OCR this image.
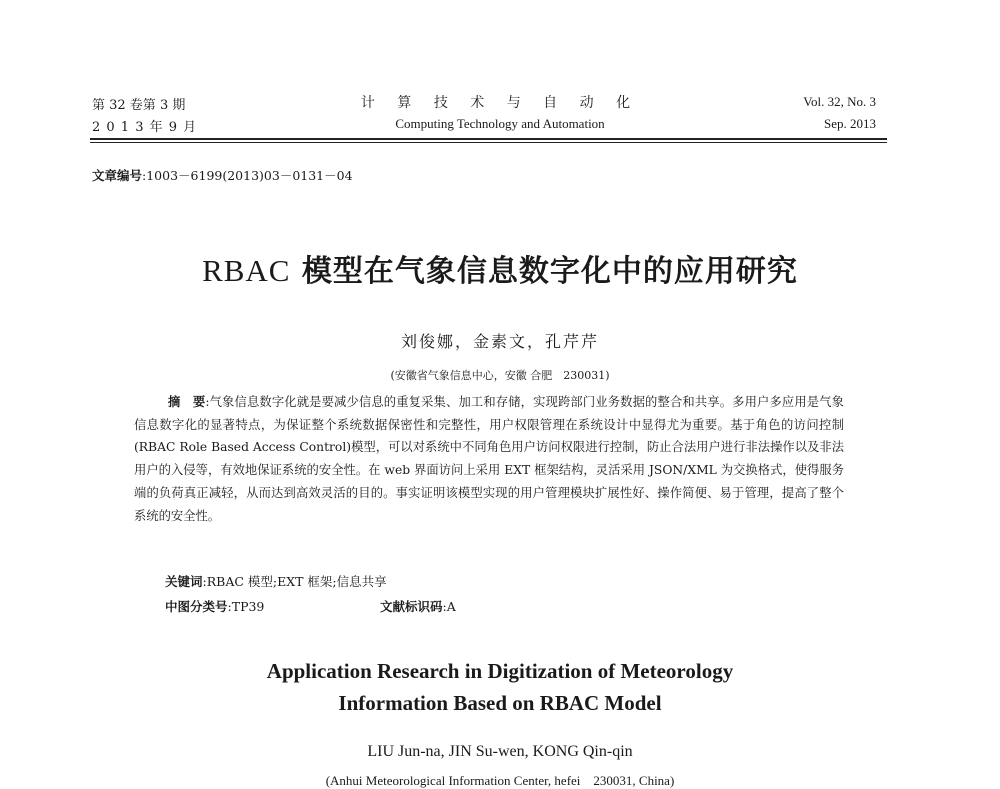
第 32 卷第 3 期
2 0 1 3 年 9 月
计 算 技 术 与 自 动 化
Computing Technology and Automation
Vol. 32, No. 3
Sep. 2013
文章编号:1003－6199(2013)03－0131－04
RBAC 模型在气象信息数字化中的应用研究
刘俊娜，金素文，孔芹芹
(安徽省气象信息中心，安徽 合肥　230031)
摘　要:气象信息数字化就是要减少信息的重复采集、加工和存储，实现跨部门业务数据的整合和共享。多用户多应用是气象信息数字化的显著特点，为保证整个系统数据保密性和完整性，用户权限管理在系统设计中显得尤为重要。基于角色的访问控制(RBAC Role Based Access Control)模型，可以对系统中不同角色用户访问权限进行控制，防止合法用户进行非法操作以及非法用户的入侵等，有效地保证系统的安全性。在 web 界面访问上采用 EXT 框架结构，灵活采用 JSON/XML 为交换格式，使得服务端的负荷真正减轻，从而达到高效灵活的目的。事实证明该模型实现的用户管理模块扩展性好、操作简便、易于管理，提高了整个系统的安全性。
关键词:RBAC 模型;EXT 框架;信息共享
中图分类号:TP39	文献标识码:A
Application Research in Digitization of Meteorology
Information Based on RBAC Model
LIU Jun-na, JIN Su-wen, KONG Qin-qin
(Anhui Meteorological Information Center, hefei　230031, China)
